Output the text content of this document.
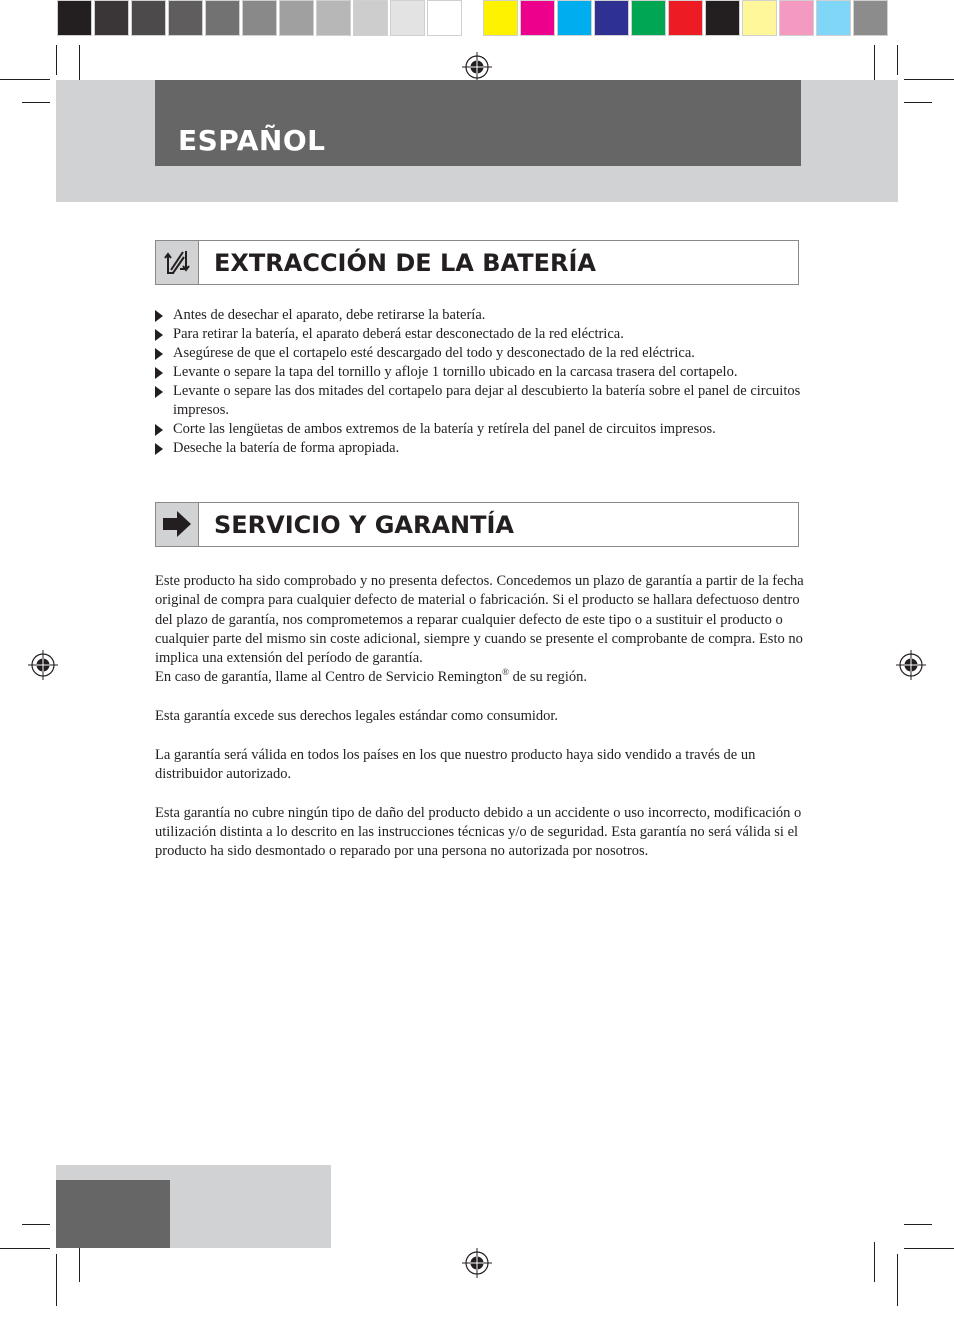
ESPAÑOL
EXTRACCIÓN DE LA BATERÍA
Antes de desechar el aparato, debe retirarse la batería.
Para retirar la batería, el aparato deberá estar desconectado de la red eléctrica.
Asegúrese de que el cortapelo esté descargado del todo y desconectado de la red eléctrica.
Levante o separe la tapa del tornillo y afloje 1 tornillo ubicado en la carcasa trasera del cortapelo.
Levante o separe las dos mitades del cortapelo para dejar al descubierto la batería sobre el panel de circuitos impresos.
Corte las lengüetas de ambos extremos de la batería y retírela del panel de circuitos impresos.
Deseche la batería de forma apropiada.
SERVICIO Y GARANTÍA

Este producto ha sido comprobado y no presenta defectos. Concedemos un plazo de garantía a partir de la fecha original de compra para cualquier defecto de material o fabricación. Si el producto se hallara defectuoso dentro del plazo de garantía, nos comprometemos a reparar cualquier defecto de este tipo o a sustituir el producto o cualquier parte del mismo sin coste adicional, siempre y cuando se presente el comprobante de compra. Esto no implica una extensión del período de garantía.

En caso de garantía, llame al Centro de Servicio Remington® de su región.

Esta garantía excede sus derechos legales estándar como consumidor.

La garantía será válida en todos los países en los que nuestro producto haya sido vendido a través de un distribuidor autorizado.

Esta garantía no cubre ningún tipo de daño del producto debido a un accidente o uso incorrecto, modificación o utilización distinta a lo descrito en las instrucciones técnicas y/o de seguridad. Esta garantía no será válida si el producto ha sido desmontado o reparado por una persona no autorizada por nosotros.
